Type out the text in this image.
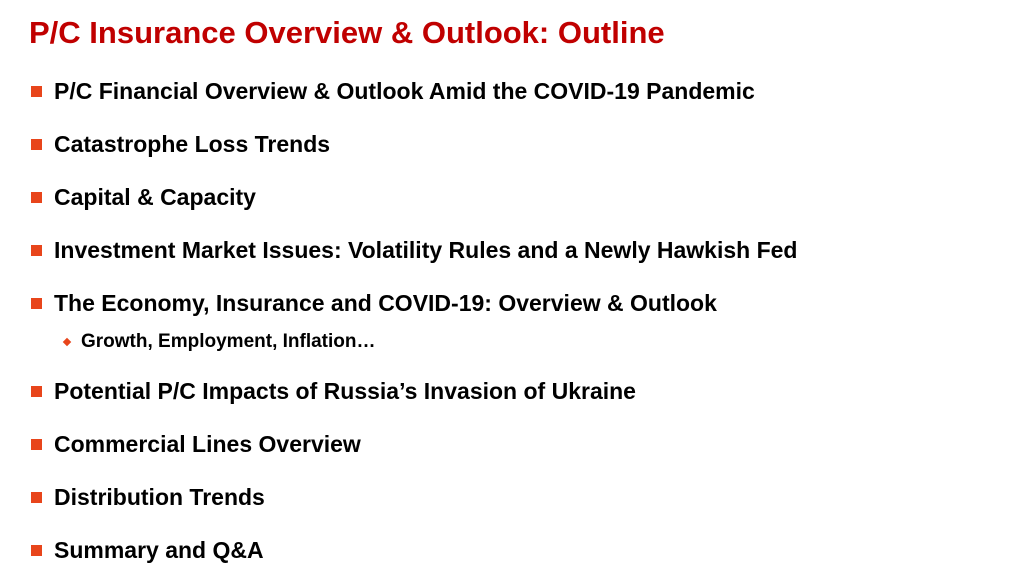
P/C Insurance Overview & Outlook: Outline
P/C Financial Overview & Outlook Amid the COVID-19 Pandemic
Catastrophe Loss Trends
Capital & Capacity
Investment Market Issues: Volatility Rules and a Newly Hawkish Fed
The Economy, Insurance and COVID-19: Overview & Outlook
Growth, Employment, Inflation…
Potential P/C Impacts of Russia’s Invasion of Ukraine
Commercial Lines Overview
Distribution Trends
Summary and Q&A
